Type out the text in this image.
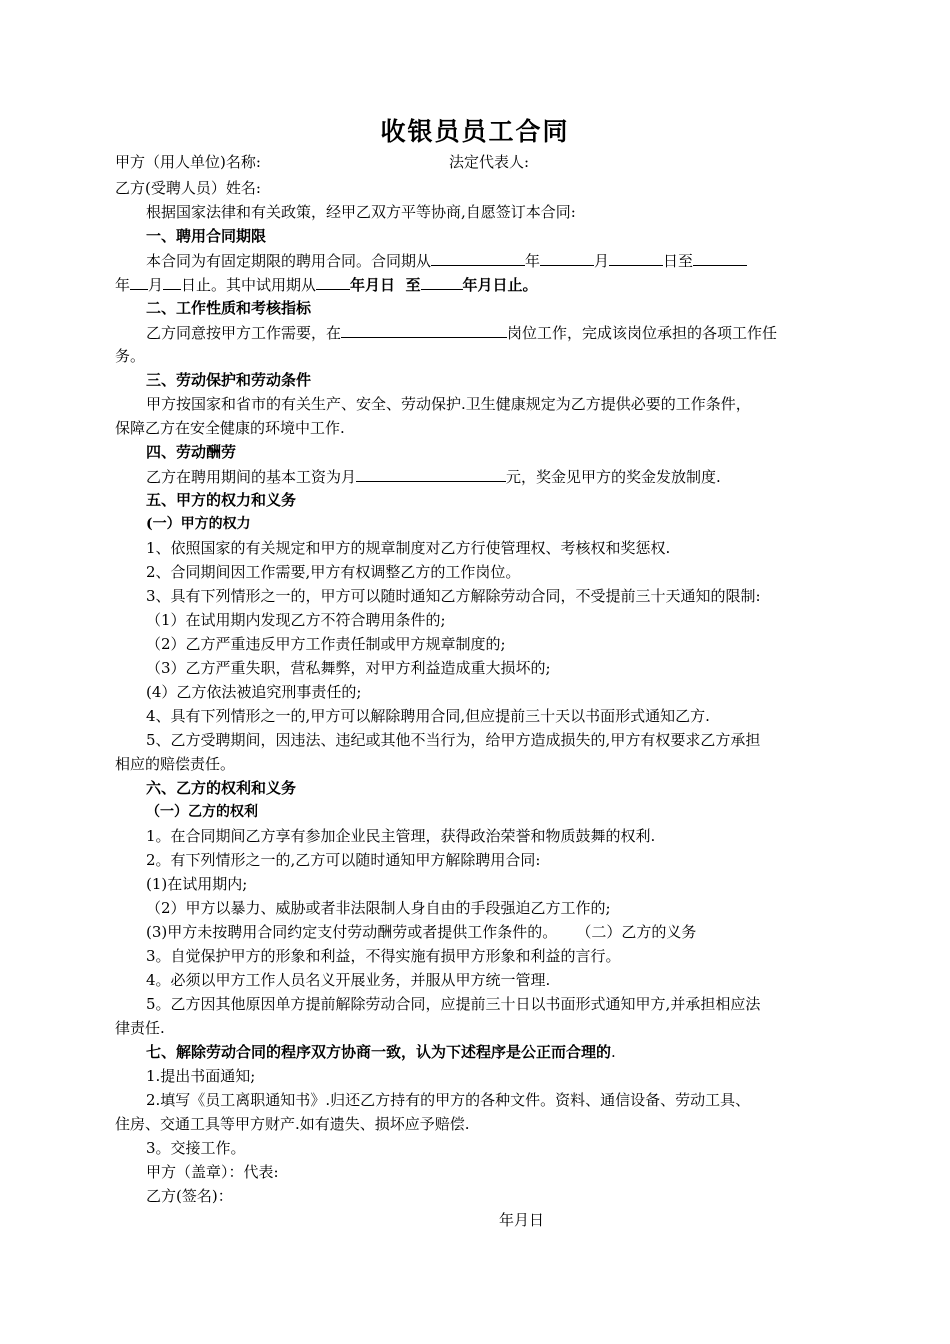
收银员员工合同
甲方（用人单位)名称:	法定代表人:
乙方(受聘人员）姓名:
根据国家法律和有关政策，经甲乙双方平等协商,自愿签订本合同:
一、聘用合同期限
本合同为有固定期限的聘用合同。合同期从	年	月	日至
年 月 日止。其中试用期从 年月日  至	年月日止。
二、工作性质和考核指标
乙方同意按甲方工作需要，在	岗位工作，完成该岗位承担的各项工作任
务。
三、劳动保护和劳动条件
甲方按国家和省市的有关生产、安全、劳动保护.卫生健康规定为乙方提供必要的工作条件，
保障乙方在安全健康的环境中工作.
四、劳动酬劳
乙方在聘用期间的基本工资为月	元，奖金见甲方的奖金发放制度.
五、甲方的权力和义务
(一）甲方的权力
1、依照国家的有关规定和甲方的规章制度对乙方行使管理权、考核权和奖惩权.
2、合同期间因工作需要,甲方有权调整乙方的工作岗位。
3、具有下列情形之一的，甲方可以随时通知乙方解除劳动合同，不受提前三十天通知的限制:
（1）在试用期内发现乙方不符合聘用条件的;
（2）乙方严重违反甲方工作责任制或甲方规章制度的;
（3）乙方严重失职，营私舞弊，对甲方利益造成重大损坏的;
(4）乙方依法被追究刑事责任的;
4、具有下列情形之一的,甲方可以解除聘用合同,但应提前三十天以书面形式通知乙方.
5、乙方受聘期间，因违法、违纪或其他不当行为，给甲方造成损失的,甲方有权要求乙方承担
相应的赔偿责任。
六、乙方的权利和义务
（一）乙方的权利
1。在合同期间乙方享有参加企业民主管理，获得政治荣誉和物质鼓舞的权利.
2。有下列情形之一的,乙方可以随时通知甲方解除聘用合同:
(1)在试用期内;
（2）甲方以暴力、威胁或者非法限制人身自由的手段强迫乙方工作的;
(3)甲方未按聘用合同约定支付劳动酬劳或者提供工作条件的。    （二）乙方的义务
3。自觉保护甲方的形象和利益，不得实施有损甲方形象和利益的言行。
4。必须以甲方工作人员名义开展业务，并服从甲方统一管理.
5。乙方因其他原因单方提前解除劳动合同，应提前三十日以书面形式通知甲方,并承担相应法
律责任.
七、解除劳动合同的程序双方协商一致，认为下述程序是公正而合理的.
1.提出书面通知;
2.填写《员工离职通知书》.归还乙方持有的甲方的各种文件。资料、通信设备、劳动工具、
住房、交通工具等甲方财产.如有遗失、损坏应予赔偿.
3。交接工作。
甲方（盖章）：代表:
乙方(签名)：
年月日
